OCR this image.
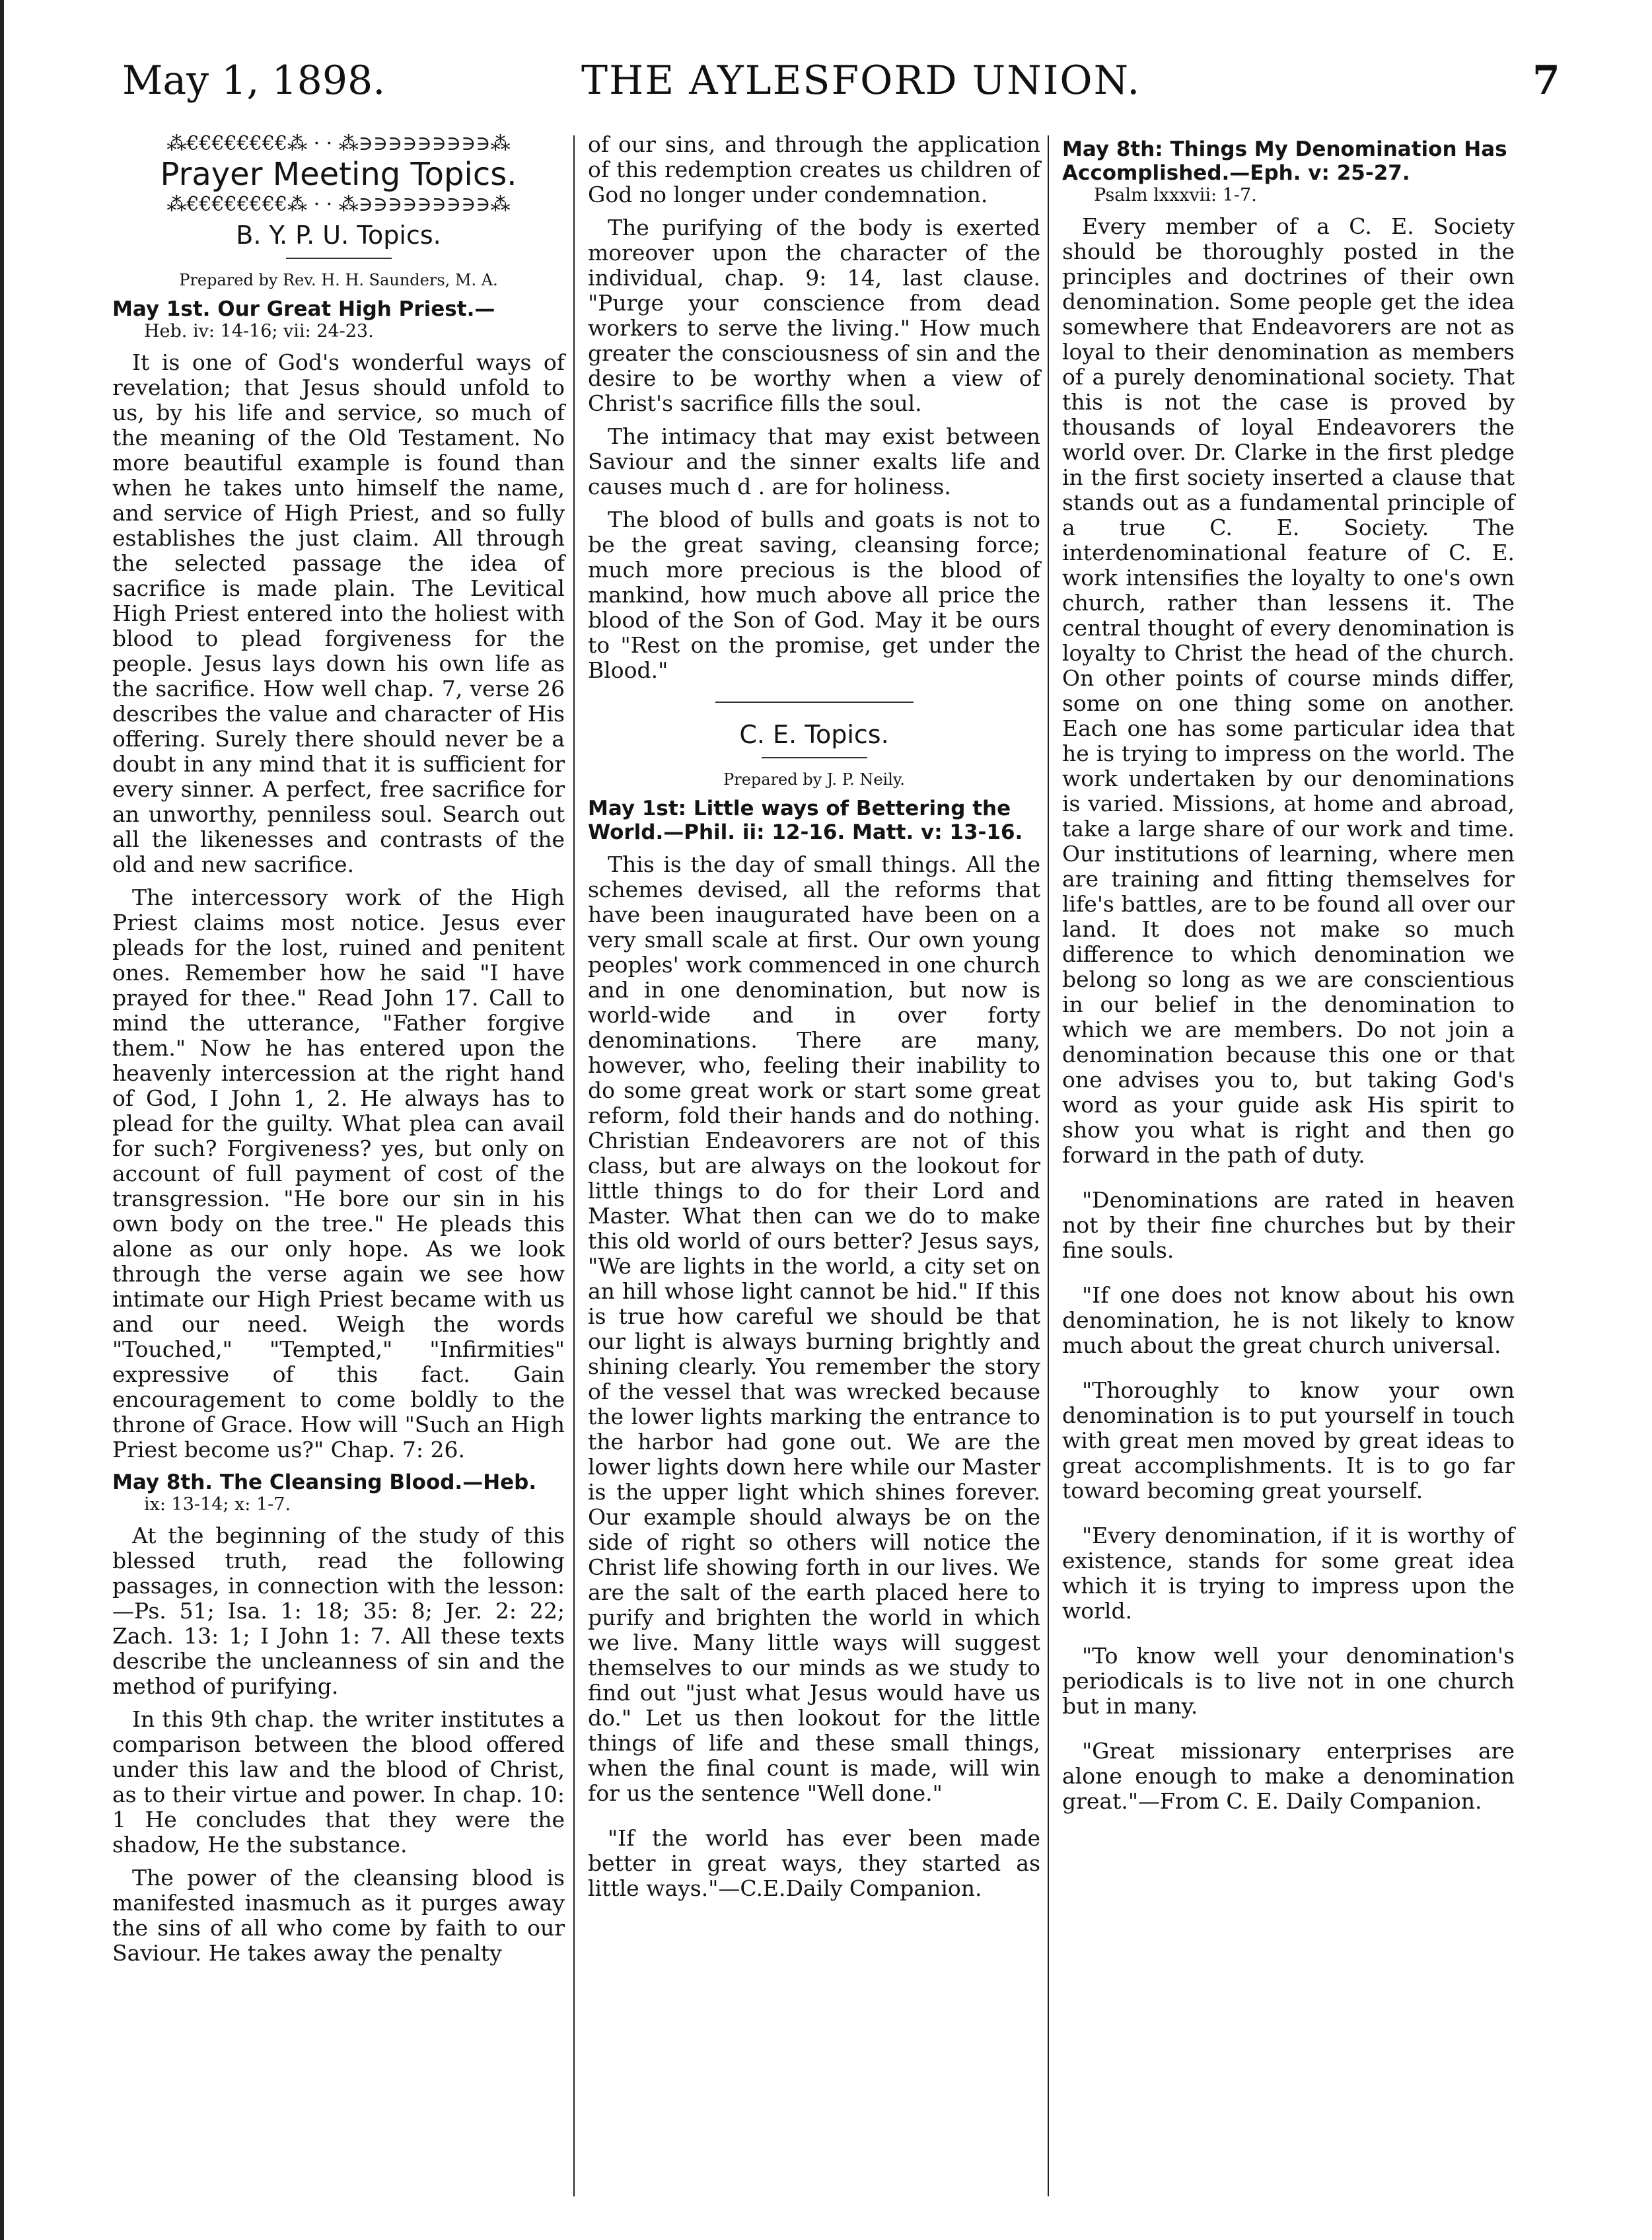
May 1, 1898.	THE AYLESFORD UNION.	7
⁂€€€€€€€€⁂ · · ⁂∋∋∋∋∋∋∋∋∋⁂
Prayer Meeting Topics.
⁂€€€€€€€€⁂ · · ⁂∋∋∋∋∋∋∋∋∋⁂
B. Y. P. U. Topics.
Prepared by Rev. H. H. Saunders, M. A.
May 1st. Our Great High Priest.—
Heb. iv: 14-16; vii: 24-23.

It is one of God's wonderful ways of revelation; that Jesus should unfold to us, by his life and service, so much of the meaning of the Old Testament. No more beautiful example is found than when he takes unto himself the name, and service of High Priest, and so fully establishes the just claim. All through the selected passage the idea of sacrifice is made plain. The Levitical High Priest entered into the holiest with blood to plead forgiveness for the people. Jesus lays down his own life as the sacrifice. How well chap. 7, verse 26 describes the value and character of His offering. Surely there should never be a doubt in any mind that it is sufficient for every sinner. A perfect, free sacrifice for an unworthy, penniless soul. Search out all the likenesses and contrasts of the old and new sacrifice.

The intercessory work of the High Priest claims most notice. Jesus ever pleads for the lost, ruined and penitent ones. Remember how he said "I have prayed for thee." Read John 17. Call to mind the utterance, "Father forgive them." Now he has entered upon the heavenly intercession at the right hand of God, I John 1, 2. He always has to plead for the guilty. What plea can avail for such? Forgiveness? yes, but only on account of full payment of cost of the transgression. "He bore our sin in his own body on the tree." He pleads this alone as our only hope. As we look through the verse again we see how intimate our High Priest became with us and our need. Weigh the words "Touched," "Tempted," "Infirmities" expressive of this fact. Gain encouragement to come boldly to the throne of Grace. How will "Such an High Priest become us?" Chap. 7: 26.

May 8th. The Cleansing Blood.—Heb.
ix: 13-14; x: 1-7.

At the beginning of the study of this blessed truth, read the following passages, in connection with the lesson:—Ps. 51; Isa. 1: 18; 35: 8; Jer. 2: 22; Zach. 13: 1; I John 1: 7. All these texts describe the uncleanness of sin and the method of purifying.

In this 9th chap. the writer institutes a comparison between the blood offered under this law and the blood of Christ, as to their virtue and power. In chap. 10: 1 He concludes that they were the shadow, He the substance.

The power of the cleansing blood is manifested inasmuch as it purges away the sins of all who come by faith to our Saviour. He takes away the penalty

of our sins, and through the application of this redemption creates us children of God no longer under condemnation.

The purifying of the body is exerted moreover upon the character of the individual, chap. 9: 14, last clause. "Purge your conscience from dead workers to serve the living." How much greater the consciousness of sin and the desire to be worthy when a view of Christ's sacrifice fills the soul.

The intimacy that may exist between Saviour and the sinner exalts life and causes much d . are for holiness.

The blood of bulls and goats is not to be the great saving, cleansing force; much more precious is the blood of mankind, how much above all price the blood of the Son of God. May it be ours to "Rest on the promise, get under the Blood."

C. E. Topics.
Prepared by J. P. Neily.
May 1st: Little ways of Bettering the World.—Phil. ii: 12-16. Matt. v: 13-16.

This is the day of small things. All the schemes devised, all the reforms that have been inaugurated have been on a very small scale at first. Our own young peoples' work commenced in one church and in one denomination, but now is world-wide and in over forty denominations. There are many, however, who, feeling their inability to do some great work or start some great reform, fold their hands and do nothing. Christian Endeavorers are not of this class, but are always on the lookout for little things to do for their Lord and Master. What then can we do to make this old world of ours better? Jesus says, "We are lights in the world, a city set on an hill whose light cannot be hid." If this is true how careful we should be that our light is always burning brightly and shining clearly. You remember the story of the vessel that was wrecked because the lower lights marking the entrance to the harbor had gone out. We are the lower lights down here while our Master is the upper light which shines forever. Our example should always be on the side of right so others will notice the Christ life showing forth in our lives. We are the salt of the earth placed here to purify and brighten the world in which we live. Many little ways will suggest themselves to our minds as we study to find out "just what Jesus would have us do." Let us then lookout for the little things of life and these small things, when the final count is made, will win for us the sentence "Well done."

"If the world has ever been made better in great ways, they started as little ways."—C.E.Daily Companion.

May 8th: Things My Denomination Has Accomplished.—Eph. v: 25-27.
Psalm lxxxvii: 1-7.

Every member of a C. E. Society should be thoroughly posted in the principles and doctrines of their own denomination. Some people get the idea somewhere that Endeavorers are not as loyal to their denomination as members of a purely denominational society. That this is not the case is proved by thousands of loyal Endeavorers the world over. Dr. Clarke in the first pledge in the first society inserted a clause that stands out as a fundamental principle of a true C. E. Society. The interdenominational feature of C. E. work intensifies the loyalty to one's own church, rather than lessens it. The central thought of every denomination is loyalty to Christ the head of the church. On other points of course minds differ, some on one thing some on another. Each one has some particular idea that he is trying to impress on the world. The work undertaken by our denominations is varied. Missions, at home and abroad, take a large share of our work and time. Our institutions of learning, where men are training and fitting themselves for life's battles, are to be found all over our land. It does not make so much difference to which denomination we belong so long as we are conscientious in our belief in the denomination to which we are members. Do not join a denomination because this one or that one advises you to, but taking God's word as your guide ask His spirit to show you what is right and then go forward in the path of duty.

"Denominations are rated in heaven not by their fine churches but by their fine souls.

"If one does not know about his own denomination, he is not likely to know much about the great church universal.

"Thoroughly to know your own denomination is to put yourself in touch with great men moved by great ideas to great accomplishments. It is to go far toward becoming great yourself.

"Every denomination, if it is worthy of existence, stands for some great idea which it is trying to impress upon the world.

"To know well your denomination's periodicals is to live not in one church but in many.

"Great missionary enterprises are alone enough to make a denomination great."—From C. E. Daily Companion.
